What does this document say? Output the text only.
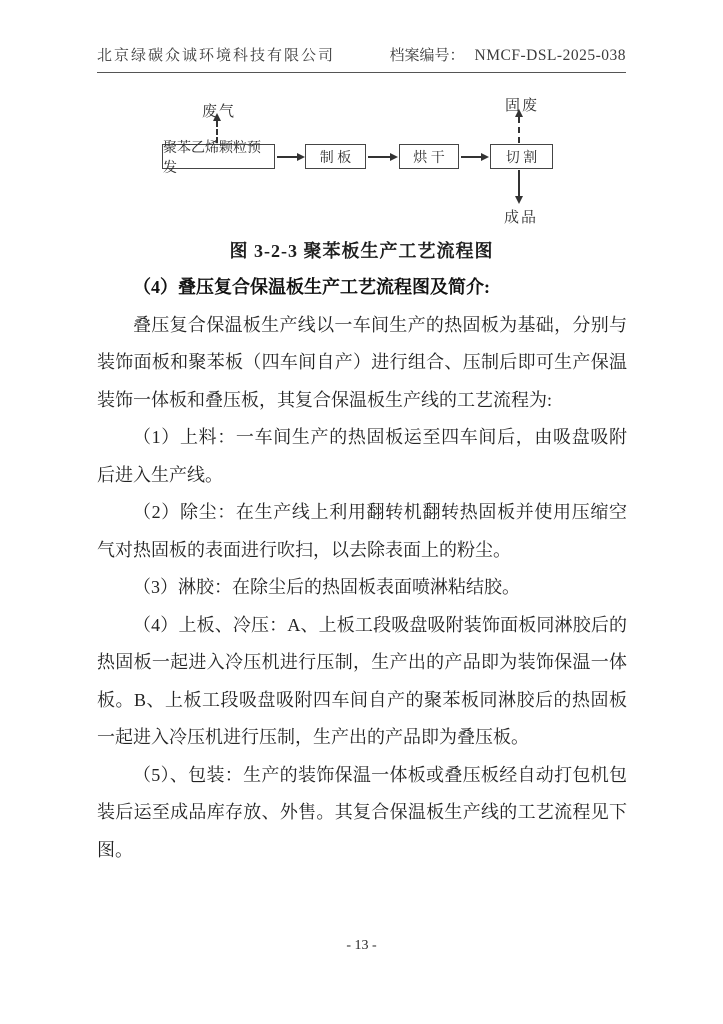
北京绿碳众诚环境科技有限公司	档案编号： NMCF-DSL-2025-038
废气	固废
聚苯乙烯颗粒预发
制 板	烘 干	切 割
成品
图 3-2-3 聚苯板生产工艺流程图

（4）叠压复合保温板生产工艺流程图及简介:

叠压复合保温板生产线以一车间生产的热固板为基础，分别与装饰面板和聚苯板（四车间自产）进行组合、压制后即可生产保温装饰一体板和叠压板，其复合保温板生产线的工艺流程为:

（1）上料：一车间生产的热固板运至四车间后，由吸盘吸附后进入生产线。

（2）除尘：在生产线上利用翻转机翻转热固板并使用压缩空气对热固板的表面进行吹扫，以去除表面上的粉尘。

（3）淋胶：在除尘后的热固板表面喷淋粘结胶。

（4）上板、冷压：A、上板工段吸盘吸附装饰面板同淋胶后的热固板一起进入冷压机进行压制，生产出的产品即为装饰保温一体板。B、上板工段吸盘吸附四车间自产的聚苯板同淋胶后的热固板一起进入冷压机进行压制，生产出的产品即为叠压板。

（5）、包装：生产的装饰保温一体板或叠压板经自动打包机包装后运至成品库存放、外售。其复合保温板生产线的工艺流程见下图。

- 13 -
